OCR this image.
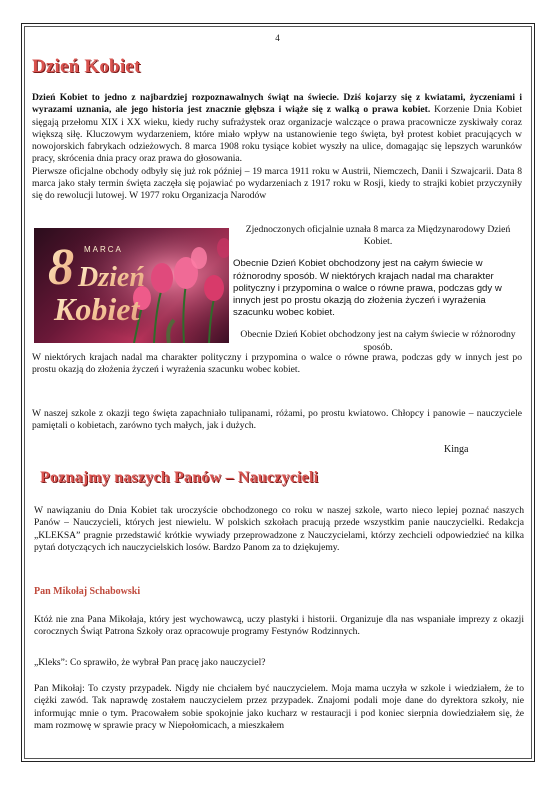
4
Dzień Kobiet
Dzień Kobiet to jedno z najbardziej rozpoznawalnych świąt na świecie. Dziś kojarzy się z kwiatami, życzeniami i wyrazami uznania, ale jego historia jest znacznie głębsza i wiąże się z walką o prawa kobiet. Korzenie Dnia Kobiet sięgają przełomu XIX i XX wieku, kiedy ruchy sufrażystek oraz organizacje walczące o prawa pracownicze zyskiwały coraz większą siłę. Kluczowym wydarzeniem, które miało wpływ na ustanowienie tego święta, był protest kobiet pracujących w nowojorskich fabrykach odzieżowych. 8 marca 1908 roku tysiące kobiet wyszły na ulice, domagając się lepszych warunków pracy, skrócenia dnia pracy oraz prawa do głosowania.
Pierwsze oficjalne obchody odbyły się już rok później – 19 marca 1911 roku w Austrii, Niemczech, Danii i Szwajcarii. Data 8 marca jako stały termin święta zaczęła się pojawiać po wydarzeniach z 1917 roku w Rosji, kiedy to strajki kobiet przyczyniły się do rewolucji lutowej. W 1977 roku Organizacja Narodów
8 MARCA
Dzień
Kobiet
Zjednoczonych oficjalnie uznała 8 marca za Międzynarodowy Dzień Kobiet.
Obecnie Dzień Kobiet obchodzony jest na całym świecie w różnorodny sposób. W niektórych krajach nadal ma charakter polityczny i przypomina o walce o równe prawa, podczas gdy w innych jest po prostu okazją do złożenia życzeń i wyrażenia szacunku wobec kobiet.
Obecnie Dzień Kobiet obchodzony jest na całym świecie w różnorodny sposób.
W niektórych krajach nadal ma charakter polityczny i przypomina o walce o równe prawa, podczas gdy w innych jest po prostu okazją do złożenia życzeń i wyrażenia szacunku wobec kobiet.
W naszej szkole z okazji tego święta zapachniało tulipanami, różami, po prostu kwiatowo. Chłopcy i panowie – nauczyciele pamiętali o kobietach, zarówno tych małych, jak i dużych.
Kinga
Poznajmy naszych Panów – Nauczycieli
W nawiązaniu do Dnia Kobiet tak uroczyście obchodzonego co roku w naszej szkole, warto nieco lepiej poznać naszych Panów – Nauczycieli, których jest niewielu. W polskich szkołach pracują przede wszystkim panie nauczycielki. Redakcja „KLEKSA” pragnie przedstawić krótkie wywiady przeprowadzone z Nauczycielami, którzy zechcieli odpowiedzieć na kilka pytań dotyczących ich nauczycielskich losów. Bardzo Panom za to dziękujemy.
Pan Mikołaj Schabowski
Któż nie zna Pana Mikołaja, który jest wychowawcą, uczy plastyki i historii. Organizuje dla nas wspaniałe imprezy z okazji corocznych Świąt Patrona Szkoły oraz opracowuje programy Festynów Rodzinnych.
„Kleks”: Co sprawiło, że wybrał Pan pracę jako nauczyciel?
Pan Mikołaj: To czysty przypadek. Nigdy nie chciałem być nauczycielem. Moja mama uczyła w szkole i wiedziałem, że to ciężki zawód. Tak naprawdę zostałem nauczycielem przez przypadek. Znajomi podali moje dane do dyrektora szkoły, nie informując mnie o tym. Pracowałem sobie spokojnie jako kucharz w restauracji i pod koniec sierpnia dowiedziałem się, że mam rozmowę w sprawie pracy w Niepołomicach, a mieszkałem
